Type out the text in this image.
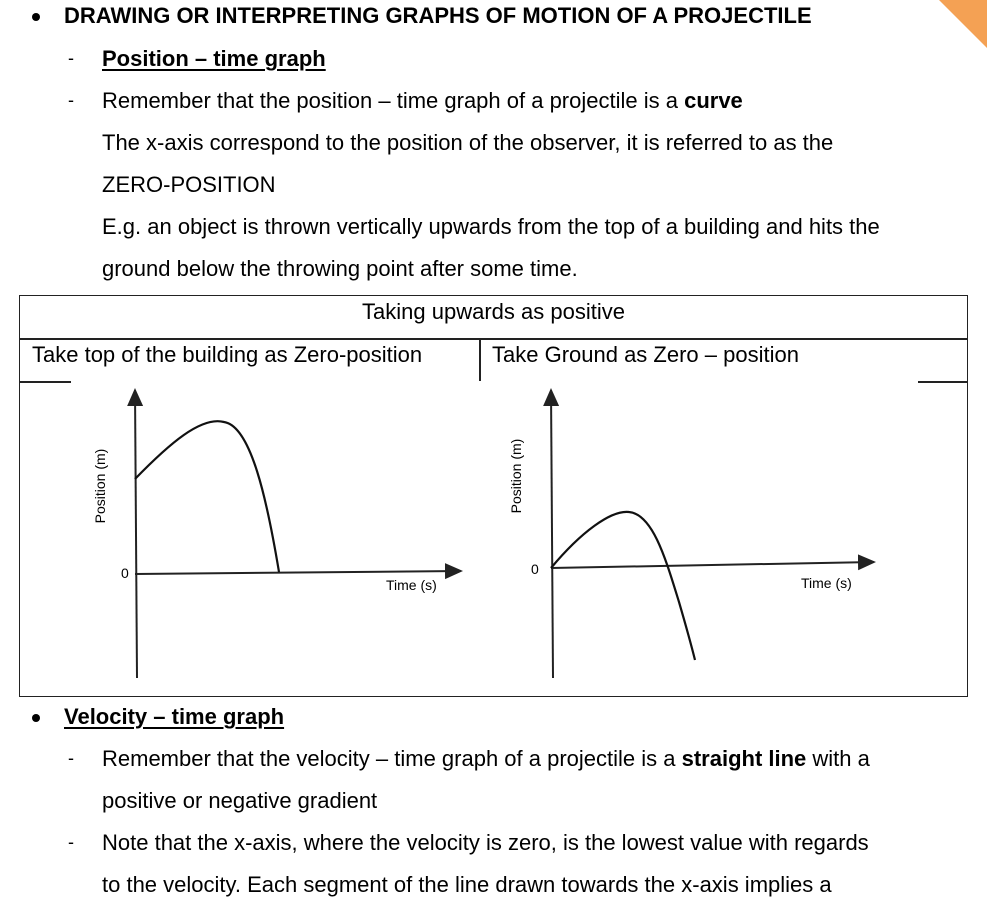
DRAWING OR INTERPRETING GRAPHS OF MOTION OF A PROJECTILE
- Position – time graph
- Remember that the position – time graph of a projectile is a curve
The x-axis correspond to the position of the observer, it is referred to as the
ZERO-POSITION
E.g. an object is thrown vertically upwards from the top of a building and hits the
ground below the throwing point after some time.
Taking upwards as positive
Take top of the building as Zero-position	Take Ground as Zero – position
0
Time (s)
Position (m)
0
Time (s)
Position (m)
Velocity – time graph
- Remember that the velocity – time graph of a projectile is a straight line with a
positive or negative gradient
- Note that the x-axis, where the velocity is zero, is the lowest value with regards
to the velocity. Each segment of the line drawn towards the x-axis implies a
